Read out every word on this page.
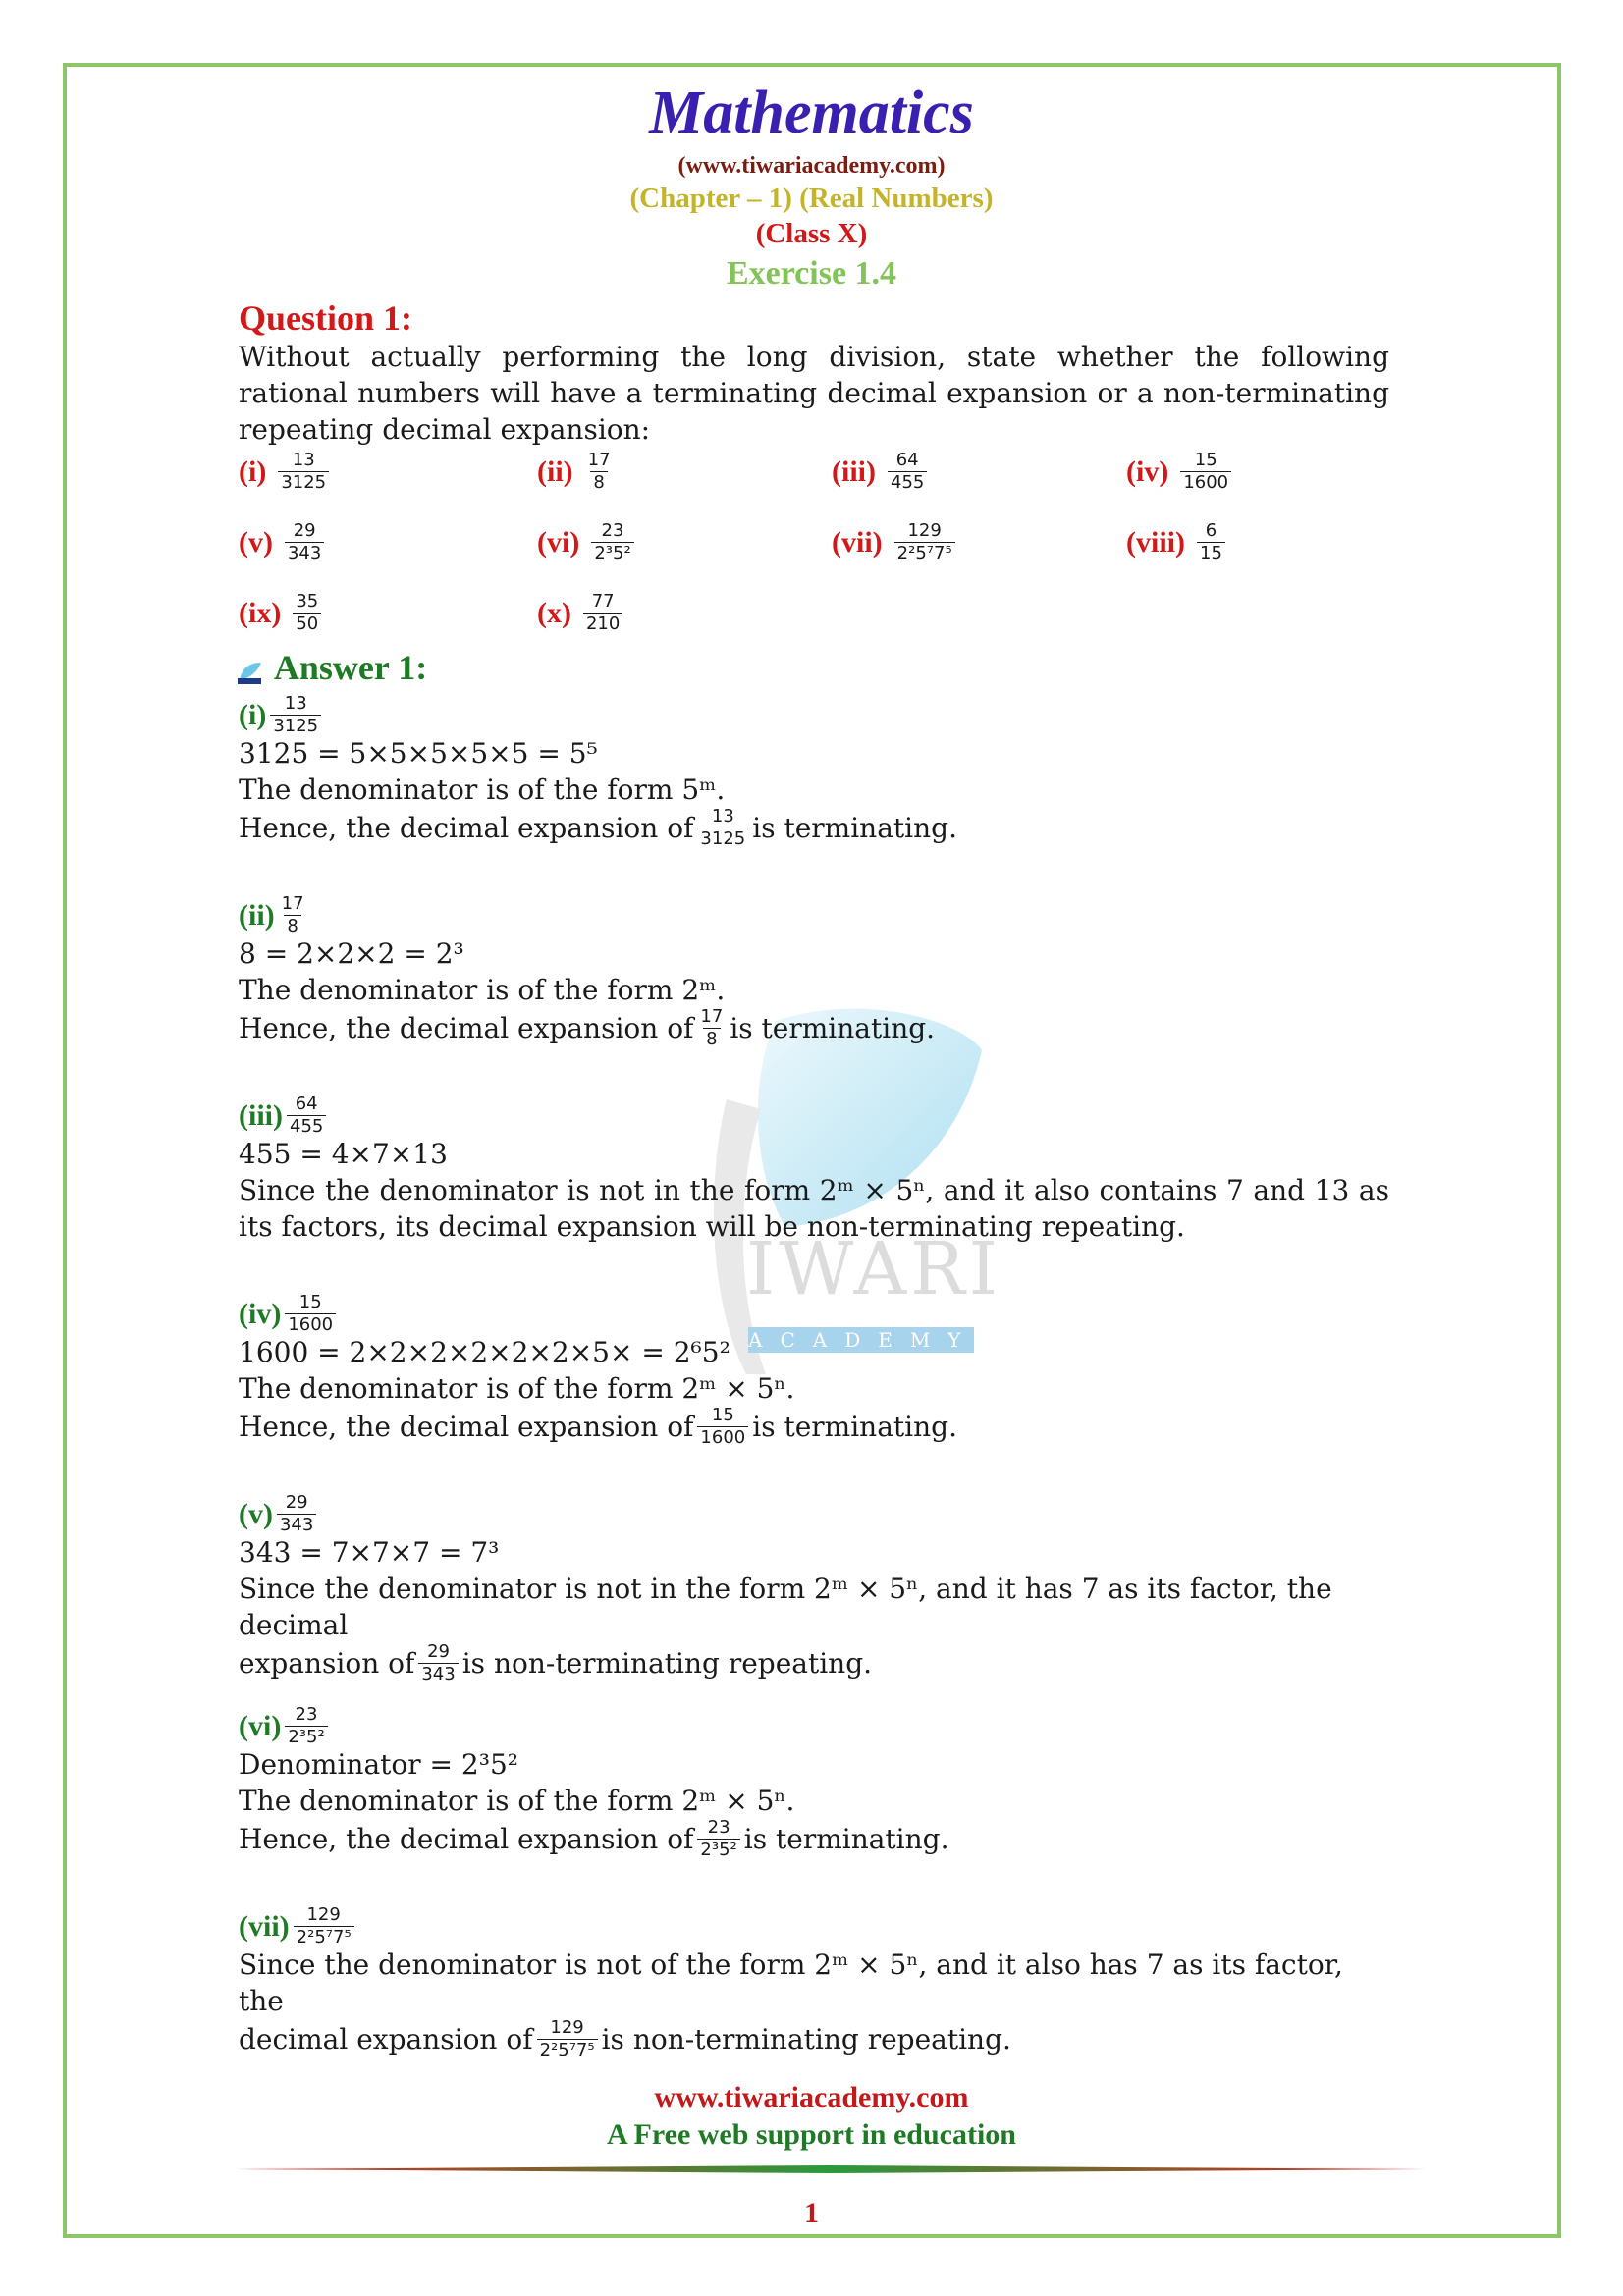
IWARI
ACADEMY
Mathematics
(www.tiwariacademy.com)
(Chapter – 1) (Real Numbers)
(Class X)
Exercise 1.4
Question 1:
Without actually performing the long division, state whether the following rational numbers will have a terminating decimal expansion or a non-terminating repeating decimal expansion:
$(i) \frac{13}{3125}$	$(ii) \frac{17}{8}$	$(iii) \frac{64}{455}$	$(iv) \frac{15}{1600}$
$(v) \frac{29}{343}$	$(vi) \frac{23}{\text{2³5²}}$	$(vii) \frac{129}{\text{2²5⁷7⁵}}$	(viii) $\frac{6}{15}$
$(ix) \frac{35}{50}$	$(x) \frac{77}{210}$
Answer 1:
$(i) \frac{13}{3125}$
3125 = 5×5×5×5×5 = 5⁵
The denominator is of the form 5ᵐ.
Hence, the decimal expansion of $\frac{13}{3125}$ is terminating.
$(ii) \frac{17}{8}$
8 = 2×2×2 = 2³
The denominator is of the form 2ᵐ.
Hence, the decimal expansion of $\frac{17}{8}$ is terminating.
$(iii) \frac{64}{455}$
455 = 4×7×13
Since the denominator is not in the form 2ᵐ × 5ⁿ, and it also contains 7 and 13 as its factors, its decimal expansion will be non-terminating repeating.
$(iv) \frac{15}{1600}$
1600 = 2×2×2×2×2×2×5× = 2⁶5²
The denominator is of the form 2ᵐ × 5ⁿ.
Hence, the decimal expansion of $\frac{15}{1600}$ is terminating.
$(v) \frac{29}{343}$
343 = 7×7×7 = 7³
Since the denominator is not in the form 2ᵐ × 5ⁿ, and it has 7 as its factor, the decimal
expansion of $\frac{29}{343}$ is non-terminating repeating.
$(vi) \frac{23}{\text{2³5²}}$
Denominator = 2³5²
The denominator is of the form 2ᵐ × 5ⁿ.
Hence, the decimal expansion of $\frac{23}{\text{2³5²}}$ is terminating.
$(vii) \frac{129}{\text{2²5⁷7⁵}}$
Since the denominator is not of the form 2ᵐ × 5ⁿ, and it also has 7 as its factor, the
decimal expansion of $\frac{129}{\text{2²5⁷7⁵}}$ is non-terminating repeating.
www.tiwariacademy.com
A Free web support in education
1
